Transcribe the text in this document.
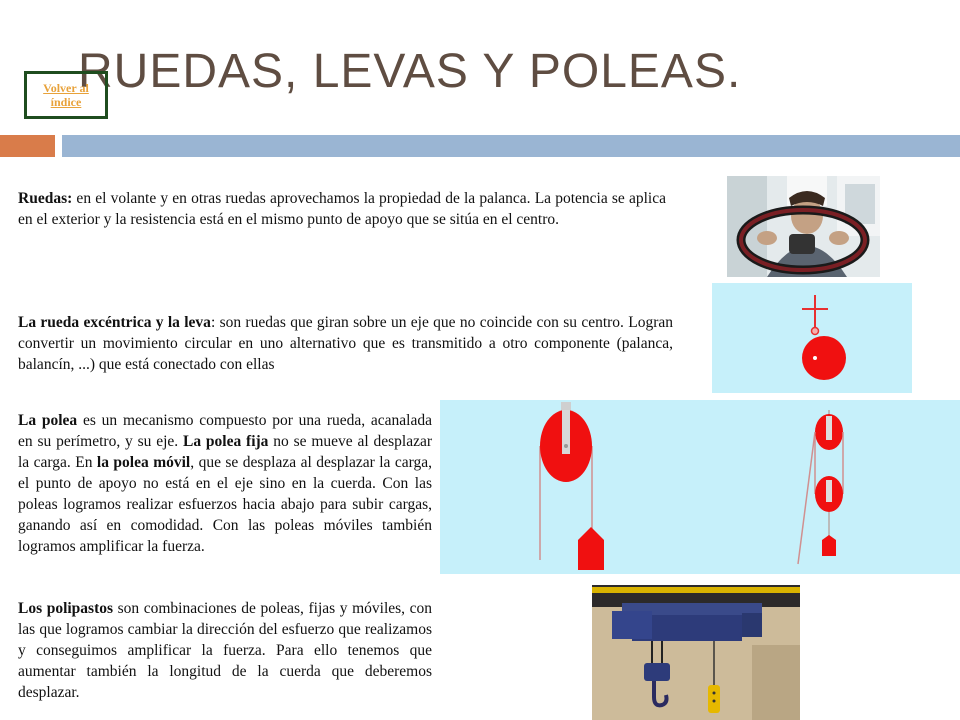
RUEDAS, LEVAS Y POLEAS.
Volver al
índice

Ruedas: en el volante y en otras ruedas aprovechamos la propiedad de la palanca. La potencia se aplica en el exterior y la resistencia está en el mismo punto de apoyo que se sitúa en el centro.

La rueda excéntrica y la leva: son ruedas que giran sobre un eje que no coincide con su centro. Logran convertir un movimiento circular en uno alternativo que es transmitido a otro componente (palanca, balancín, ...) que está conectado con ellas

La polea es un mecanismo compuesto por una rueda, acanalada en su perímetro, y su eje. La polea fija no se mueve al desplazar la carga. En la polea móvil, que se desplaza al desplazar la carga, el punto de apoyo no está en el eje sino en la cuerda. Con las poleas logramos realizar esfuerzos hacia abajo para subir cargas, ganando así en comodidad. Con las poleas móviles también logramos amplificar la fuerza.

Los polipastos son combinaciones de poleas, fijas y móviles, con las que logramos cambiar la dirección del esfuerzo que realizamos y conseguimos amplificar la fuerza. Para ello tenemos que aumentar también la longitud de la cuerda que deberemos desplazar.
